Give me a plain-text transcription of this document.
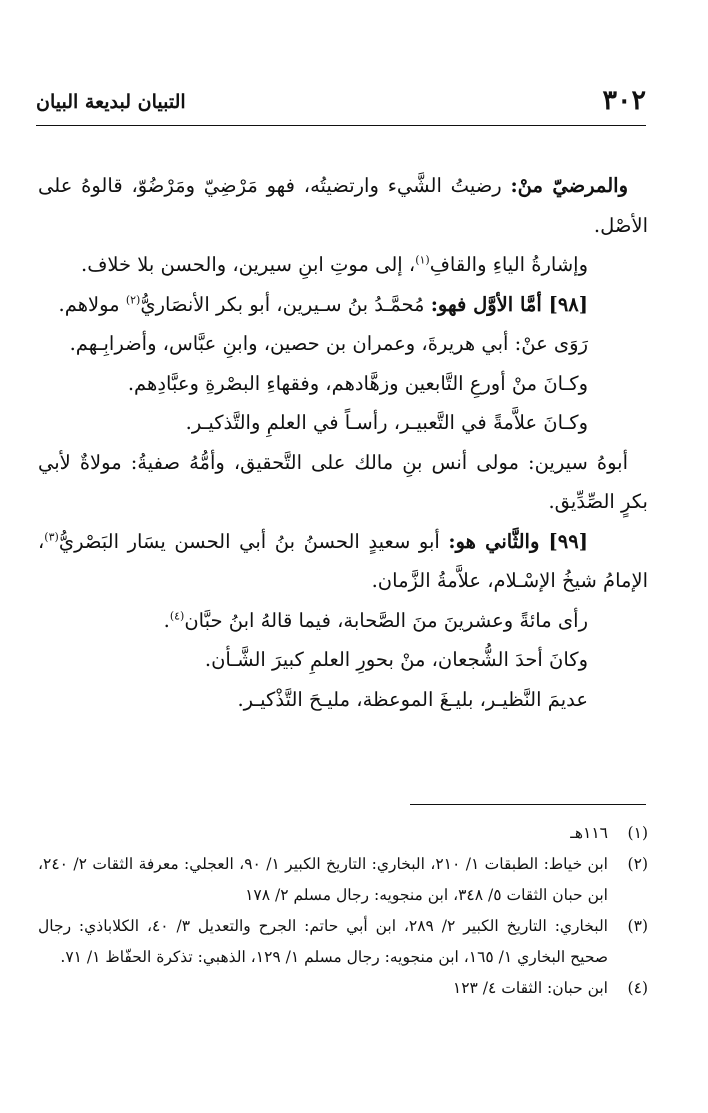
٣٠٢
التبيان لبديعة البيان

والمرضيّ منْ: رضيتُ الشَّيء وارتضيتُه، فهو مَرْضِيّ ومَرْضُوّ، قالوهُ على الأصْل.

وإشارةُ الياءِ والقافِ$^{(١)}$، إلى موتِ ابنِ سيرين، والحسن بلا خلاف.

[٩٨] أمَّا الأوَّل فهو: مُحمَّـدُ بنُ سـيرين، أبو بكر الأنصَاريُّ$^{(٢)}$ مولاهم.

رَوَى عنْ: أبي هريرةَ، وعمران بن حصين، وابنِ عبَّاس، وأضرابِـهم.

وكـانَ منْ أورعِ التَّابعين وزهَّادهم، وفقهاءِ البصْرةِ وعبَّادِهم.

وكـانَ علاَّمةً في التَّعبيـر، رأسـاً في العلمِ والتَّذكيـر.

أبوهُ سيرين: مولى أنس بنِ مالك على التَّحقيق، وأمُّهُ صفيةُ: مولاةٌ لأبي بكرٍ الصِّدِّيق.

[٩٩] والثَّاني هو: أبو سعيدٍ الحسنُ بنُ أبي الحسن يسَار البَصْريُّ$^{(٣)}$، الإمامُ شيخُ الإسْـلام، علاَّمةُ الزَّمان.

رأى مائةً وعشرينَ منَ الصَّحابة، فيما قالهُ ابنُ حبَّان$^{(٤)}$.

وكانَ أحدَ الشُّجعان، منْ بحورِ العلمِ كبيرَ الشَّـأن.

عديمَ النَّظيـر، بليـغَ الموعظة، مليـحَ التَّذْكيـر.

(١)
١١٦هـ
(٢)
ابن خياط: الطبقات ١/ ٢١٠، البخاري: التاريخ الكبير ١/ ٩٠، العجلي: معرفة الثقات ٢/ ٢٤٠، ابن حبان الثقات ٥/ ٣٤٨، ابن منجويه: رجال مسلم ٢/ ١٧٨
(٣)
البخاري: التاريخ الكبير ٢/ ٢٨٩، ابن أبي حاتم: الجرح والتعديل ٣/ ٤٠، الكلاباذي: رجال صحيح البخاري ١/ ١٦٥، ابن منجويه: رجال مسلم ١/ ١٢٩، الذهبي: تذكرة الحفّاظ ١/ ٧١.
(٤)
ابن حبان: الثقات ٤/ ١٢٣
